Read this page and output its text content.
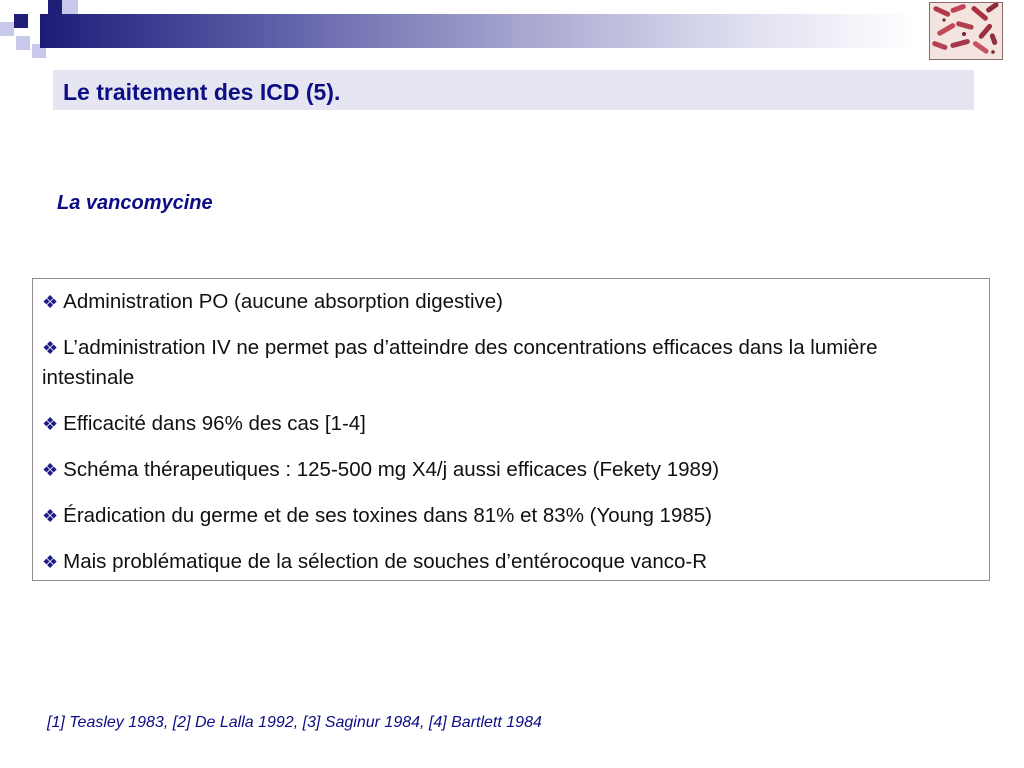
Le traitement des ICD (5).
La vancomycine
❖ Administration PO (aucune absorption digestive)
❖ L’administration IV ne permet pas d’atteindre des concentrations efficaces dans la lumière intestinale
❖ Efficacité dans 96% des cas [1-4]
❖ Schéma thérapeutiques : 125-500 mg X4/j aussi efficaces (Fekety 1989)
❖ Éradication du germe et de ses toxines dans 81% et 83% (Young 1985)
❖ Mais problématique de la sélection de souches d’entérocoque vanco-R
[1] Teasley 1983, [2] De Lalla 1992, [3] Saginur 1984, [4] Bartlett 1984
